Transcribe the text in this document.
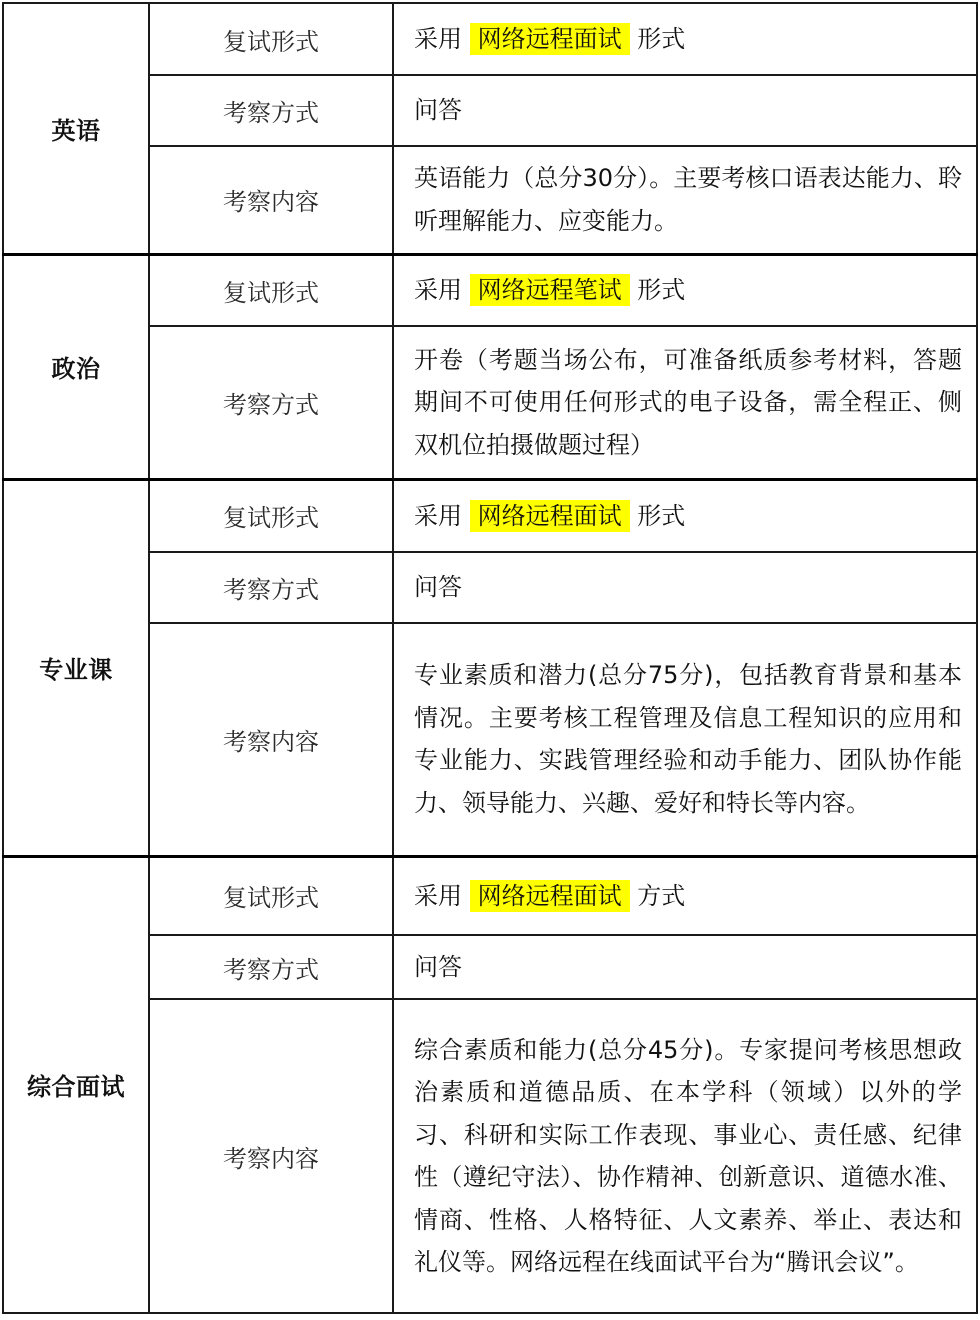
英语	复试形式	采用 网络远程面试 形式
	考察方式	问答
	考察内容	英语能力（总分30分）。主要考核口语表达能力、聆听理解能力、应变能力。
政治	复试形式	采用 网络远程笔试 形式
	考察方式	开卷（考题当场公布，可准备纸质参考材料，答题期间不可使用任何形式的电子设备，需全程正、侧双机位拍摄做题过程）
专业课	复试形式	采用 网络远程面试 形式
	考察方式	问答
	考察内容	专业素质和潜力(总分75分)，包括教育背景和基本情况。主要考核工程管理及信息工程知识的应用和专业能力、实践管理经验和动手能力、团队协作能力、领导能力、兴趣、爱好和特长等内容。
综合面试	复试形式	采用 网络远程面试 方式
	考察方式	问答
	考察内容	综合素质和能力(总分45分)。专家提问考核思想政治素质和道德品质、在本学科（领域）以外的学习、科研和实际工作表现、事业心、责任感、纪律性（遵纪守法）、协作精神、创新意识、道德水准、情商、性格、人格特征、人文素养、举止、表达和礼仪等。网络远程在线面试平台为“腾讯会议”。
